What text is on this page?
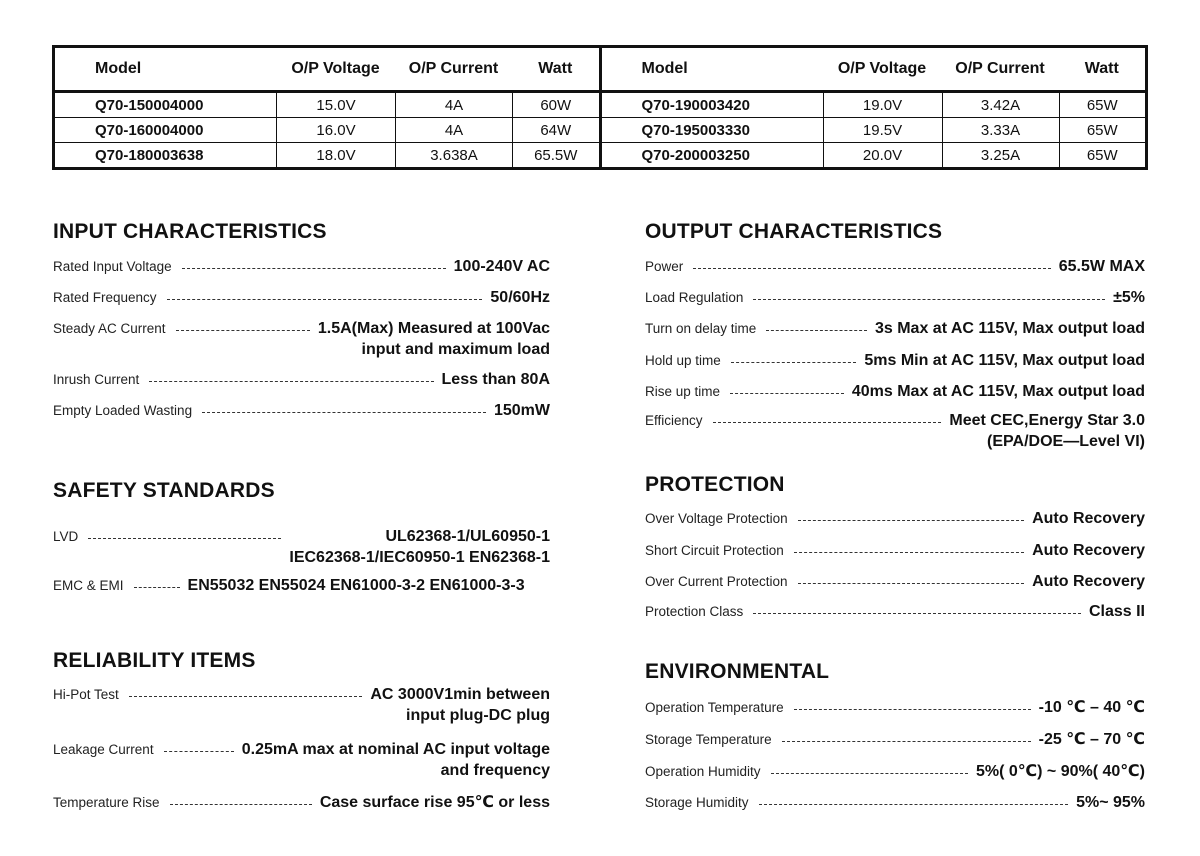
Model	O/P Voltage	O/P Current	Watt
Q70-150004000	15.0V	4A	60W
Q70-160004000	16.0V	4A	64W
Q70-180003638	18.0V	3.638A	65.5W
Model	O/P Voltage	O/P Current	Watt
Q70-190003420	19.0V	3.42A	65W
Q70-195003330	19.5V	3.33A	65W
Q70-200003250	20.0V	3.25A	65W
INPUT CHARACTERISTICS
Rated Input Voltage	100-240V AC
Rated Frequency	50/60Hz
Steady AC Current	1.5A(Max) Measured at 100Vac
input and maximum load
Inrush Current	Less than 80A
Empty Loaded Wasting	150mW
SAFETY STANDARDS
LVD	UL62368-1/UL60950-1
IEC62368-1/IEC60950-1 EN62368-1
EMC & EMI	EN55032 EN55024 EN61000-3-2 EN61000-3-3
RELIABILITY ITEMS
Hi-Pot Test	AC 3000V1min between
input plug-DC plug
Leakage Current	0.25mA max at nominal AC input voltage
and frequency
Temperature Rise	Case surface rise 95℃ or less
OUTPUT CHARACTERISTICS
Power	65.5W MAX
Load Regulation	±5%
Turn on delay time	3s Max at AC 115V, Max output load
Hold up time	5ms Min at AC 115V, Max output load
Rise up time	40ms Max at AC 115V, Max output load
Efficiency	Meet CEC,Energy Star 3.0
(EPA/DOE—Level VI)
PROTECTION
Over Voltage Protection	Auto Recovery
Short Circuit Protection	Auto Recovery
Over Current Protection	Auto Recovery
Protection Class	Class II
ENVIRONMENTAL
Operation Temperature	-10 ℃ – 40 ℃
Storage Temperature	-25 ℃ – 70 ℃
Operation Humidity	5%( 0℃) ~ 90%( 40℃)
Storage Humidity	5%~ 95%
